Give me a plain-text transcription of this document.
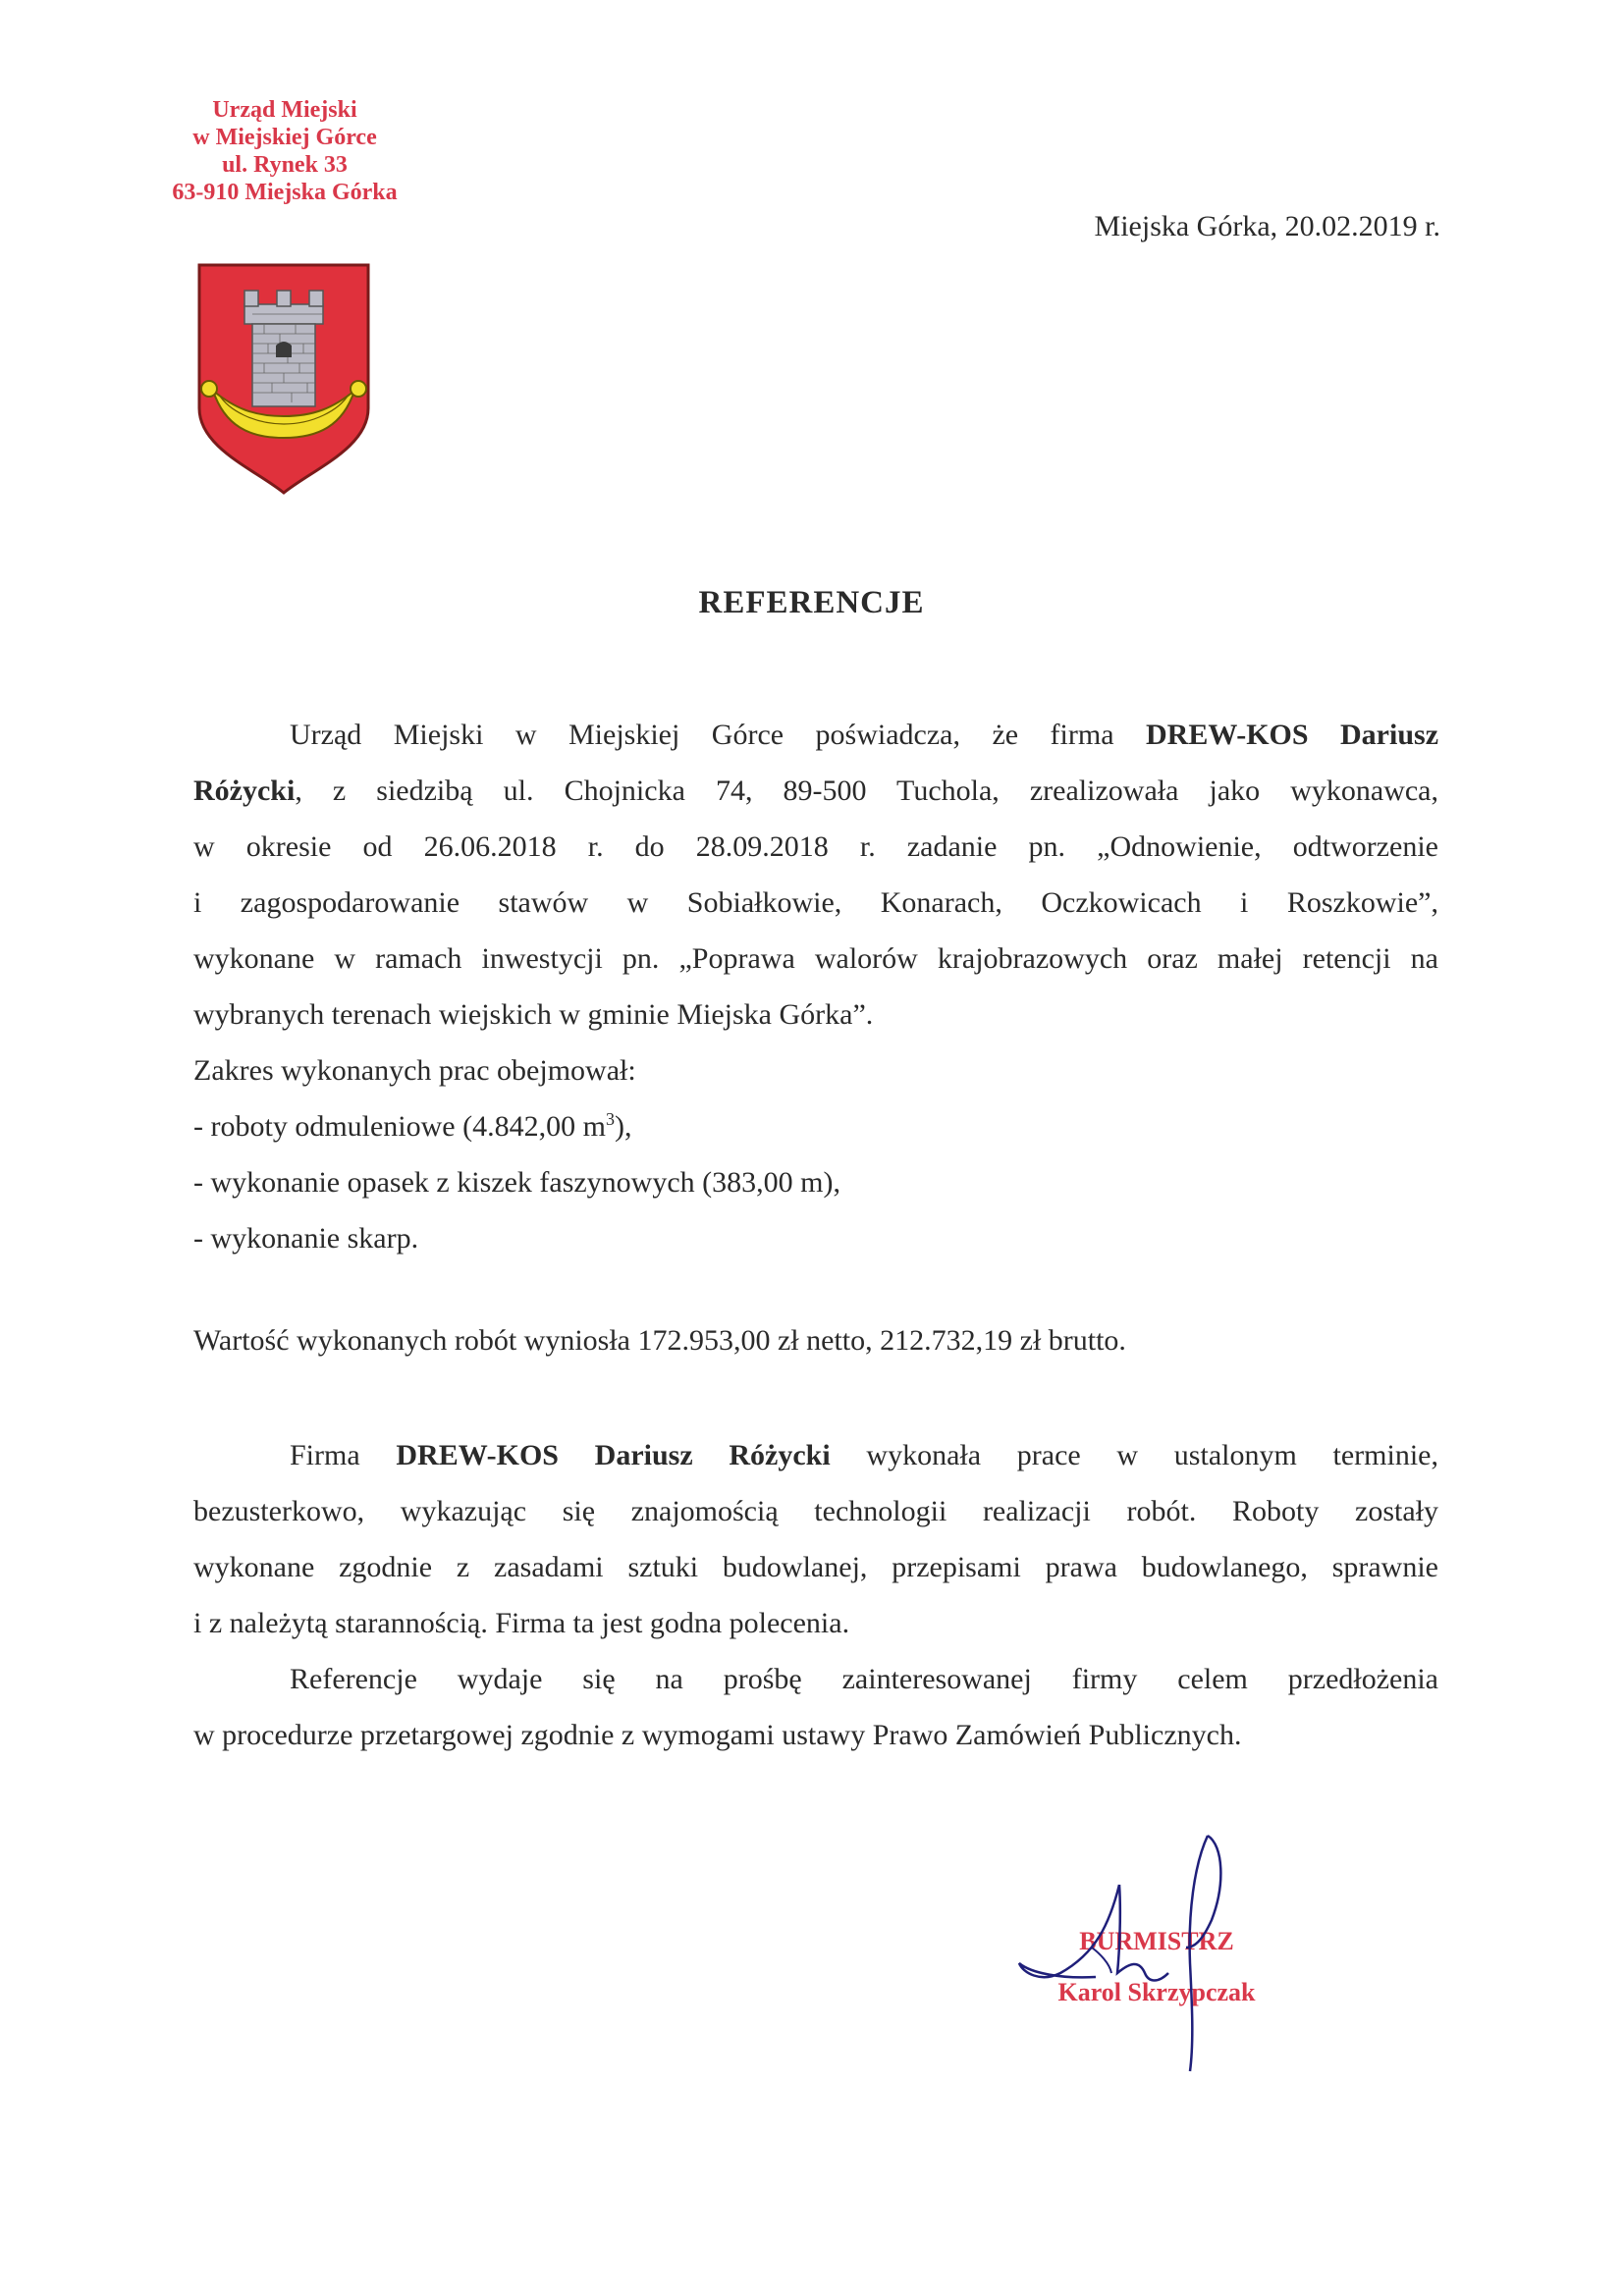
Urząd Miejski
w Miejskiej Górce
ul. Rynek 33
63-910 Miejska Górka
Miejska Górka, 20.02.2019 r.
REFERENCJE

Urząd Miejski w Miejskiej Górce poświadcza, że firma DREW-KOS Dariusz

Różycki, z siedzibą ul. Chojnicka 74, 89-500 Tuchola, zrealizowała jako wykonawca,

w okresie od 26.06.2018 r. do 28.09.2018 r. zadanie pn. „Odnowienie, odtworzenie

i zagospodarowanie stawów w Sobiałkowie, Konarach, Oczkowicach i Roszkowie”,

wykonane w ramach inwestycji pn. „Poprawa walorów krajobrazowych oraz małej retencji na

wybranych terenach wiejskich w gminie Miejska Górka”.

Zakres wykonanych prac obejmował:

- roboty odmuleniowe (4.842,00 $m^3$),

- wykonanie opasek z kiszek faszynowych (383,00 m),

- wykonanie skarp.

Wartość wykonanych robót wyniosła 172.953,00 zł netto, 212.732,19 zł brutto.

Firma DREW-KOS Dariusz Różycki wykonała prace w ustalonym terminie,

bezusterkowo, wykazując się znajomością technologii realizacji robót. Roboty zostały

wykonane zgodnie z zasadami sztuki budowlanej, przepisami prawa budowlanego, sprawnie

i z należytą starannością. Firma ta jest godna polecenia.

Referencje wydaje się na prośbę zainteresowanej firmy celem przedłożenia

w procedurze przetargowej zgodnie z wymogami ustawy Prawo Zamówień Publicznych.

BURMISTRZ
Karol Skrzypczak
